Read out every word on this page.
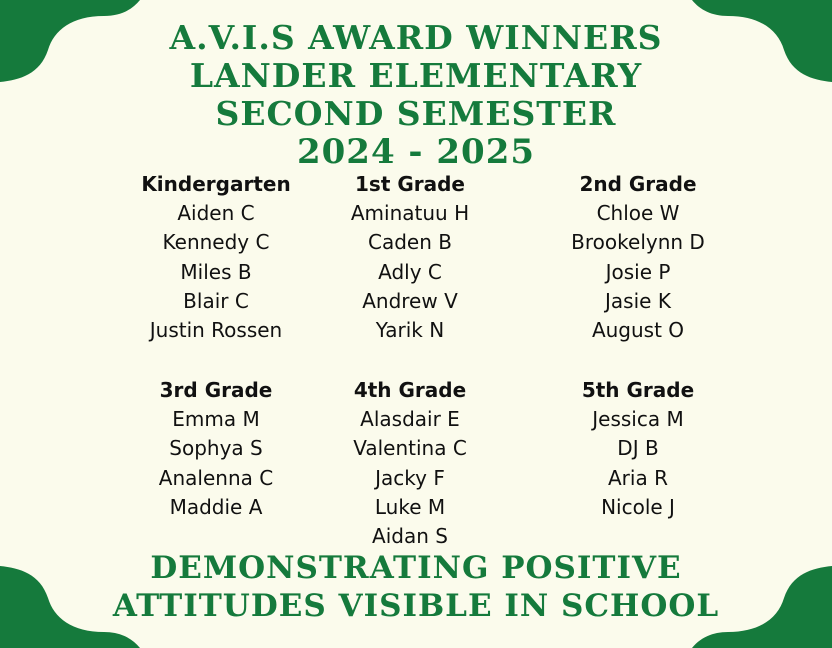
A.V.I.S AWARD WINNERS
LANDER ELEMENTARY
SECOND SEMESTER
2024 - 2025
Kindergarten
Aiden C
Kennedy C
Miles B
Blair C
Justin Rossen
1st Grade
Aminatuu H
Caden B
Adly C
Andrew V
Yarik N
2nd Grade
Chloe W
Brookelynn D
Josie P
Jasie K
August O
3rd Grade
Emma M
Sophya S
Analenna C
Maddie A
4th Grade
Alasdair E
Valentina C
Jacky F
Luke M
Aidan S
5th Grade
Jessica M
DJ B
Aria R
Nicole J
DEMONSTRATING POSITIVE
ATTITUDES VISIBLE IN SCHOOL
